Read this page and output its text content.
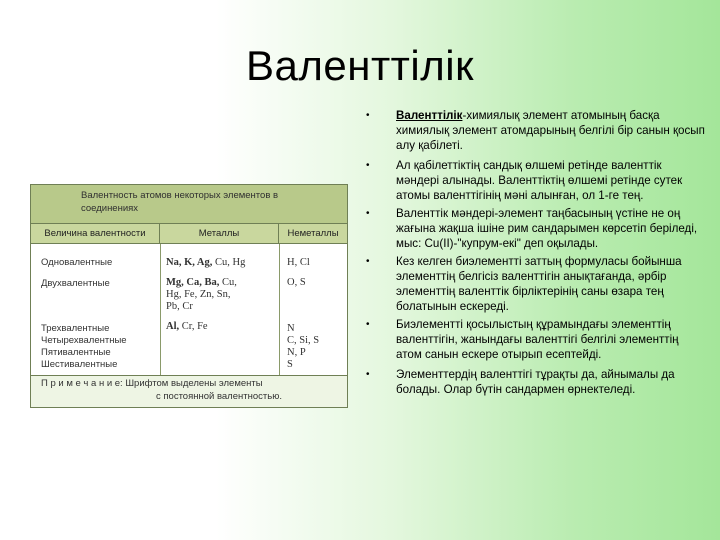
Валенттілік
Валентность атомов некоторых элементов в соединениях
Величина валентности	Металлы	Неметаллы
Одновалентные
Двухвалентные
Трехвалентные
Четырехвалентные
Пятивалентные
Шестивалентные
Na, K, Ag, Cu, Hg
Mg, Ca, Ba, Cu,
Hg, Fe, Zn, Sn,
Pb, Cr
Al, Cr, Fe
H, Cl
O, S
N
C, Si, S
N, P
S
П р и м е ч а н и е: Шрифтом выделены элементы
с постоянной валентностью.
• Валенттілік-химиялық элемент атомының басқа химиялық элемент атомдарының белгілі бір санын қосып алу қабілеті.
• Ал қабілеттіктің сандық өлшемі ретінде валенттік мәндері алынады. Валенттіктің өлшемі ретінде сутек атомы валенттігінің мәні алынған, ол 1-ге тең.
• Валенттік мәндері-элемент таңбасының үстіне не оң жағына жақша ішіне рим сандарымен көрсетіп беріледі, мыс: Cu(II)-"купрум-екі" деп оқылады.
• Кез келген биэлементті заттың формуласы бойынша элементтің белгісіз валенттігін анықтағанда, әрбір элементтің валенттік бірліктерінің саны өзара тең болатынын ескереді.
• Биэлементті қосылыстың құрамындағы элементтің валенттігін, жанындағы валенттігі белгілі элементтің атом санын ескере отырып есептейді.
• Элементтердің валенттігі тұрақты да, айнымалы да болады. Олар бүтін сандармен өрнектеледі.
